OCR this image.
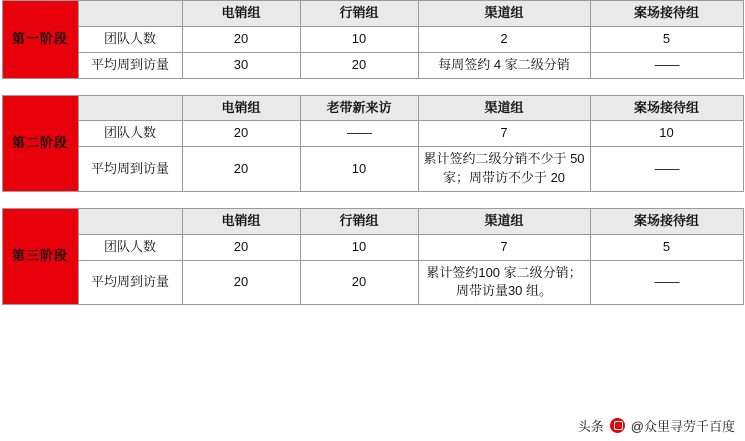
第一阶段		电销组	行销组	渠道组	案场接待组
	团队人数	20	10	2	5
	平均周到访量	30	20	每周签约 4 家二级分销	——
第二阶段		电销组	老带新来访	渠道组	案场接待组
	团队人数	20	——	7	10
	平均周到访量	20	10	累计签约二级分销不少于 50 家；周带访不少于 20	——
第三阶段		电销组	行销组	渠道组	案场接待组
	团队人数	20	10	7	5
	平均周到访量	20	20	累计签约100 家二级分销；周带访量30 组。	——
头条 @众里寻劳千百度
